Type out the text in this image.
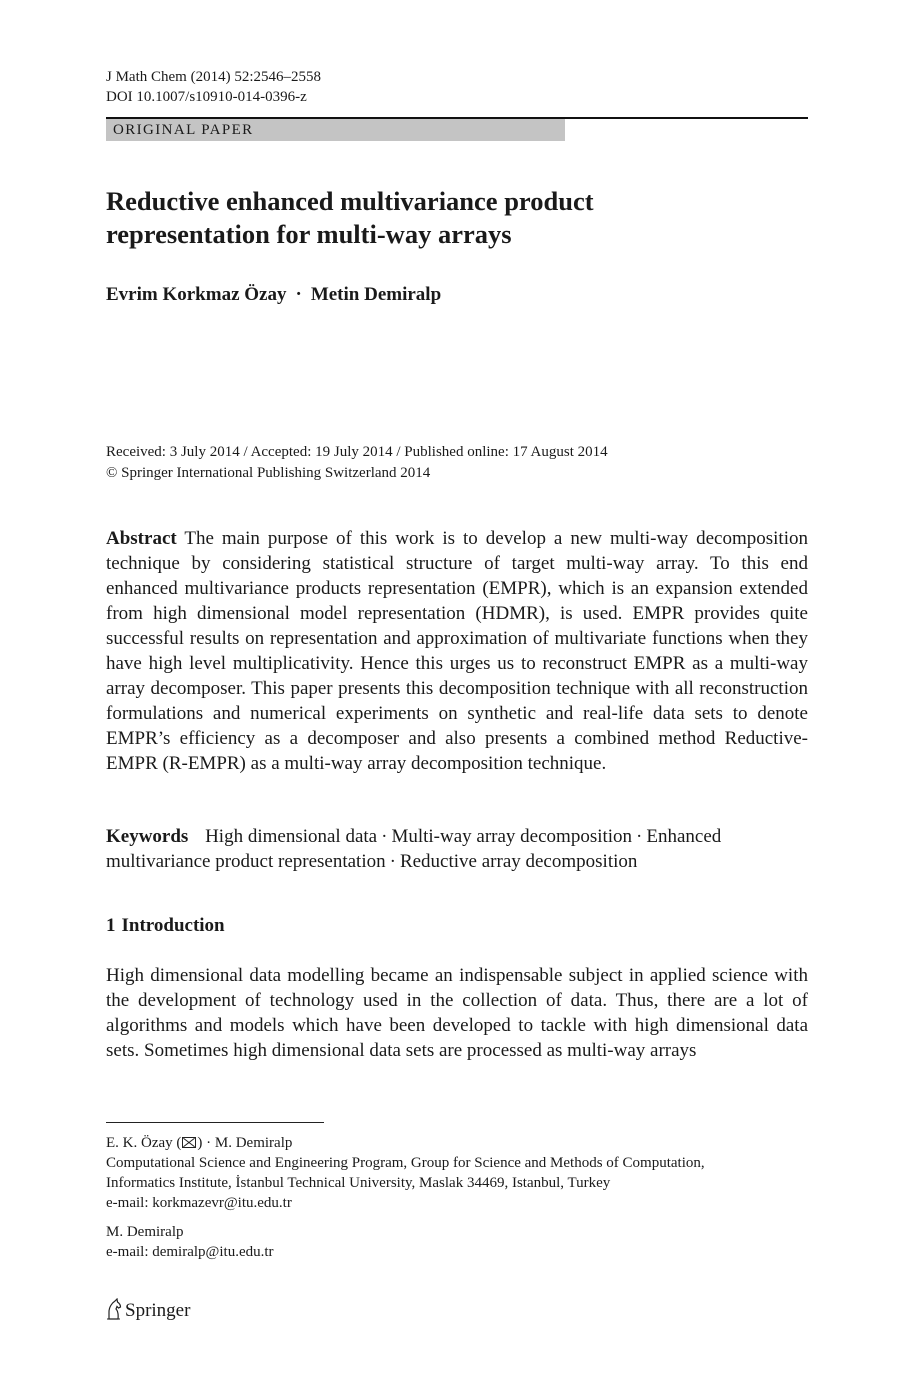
J Math Chem (2014) 52:2546–2558
DOI 10.1007/s10910-014-0396-z
ORIGINAL PAPER
Reductive enhanced multivariance product
representation for multi-way arrays
Evrim Korkmaz Özay · Metin Demiralp
Received: 3 July 2014 / Accepted: 19 July 2014 / Published online: 17 August 2014
© Springer International Publishing Switzerland 2014

Abstract The main purpose of this work is to develop a new multi-way decomposition technique by considering statistical structure of target multi-way array. To this end enhanced multivariance products representation (EMPR), which is an expansion extended from high dimensional model representation (HDMR), is used. EMPR provides quite successful results on representation and approximation of multivariate functions when they have high level multiplicativity. Hence this urges us to reconstruct EMPR as a multi-way array decomposer. This paper presents this decomposition technique with all reconstruction formulations and numerical experiments on synthetic and real-life data sets to denote EMPR’s efficiency as a decomposer and also presents a combined method Reductive-EMPR (R-EMPR) as a multi-way array decomposition technique.

Keywords High dimensional data · Multi-way array decomposition · Enhanced multivariance product representation · Reductive array decomposition

1 Introduction

High dimensional data modelling became an indispensable subject in applied science with the development of technology used in the collection of data. Thus, there are a lot of algorithms and models which have been developed to tackle with high dimensional data sets. Sometimes high dimensional data sets are processed as multi-way arrays

E. K. Özay ( ) · M. Demiralp
Computational Science and Engineering Program, Group for Science and Methods of Computation,
Informatics Institute, İstanbul Technical University, Maslak 34469, Istanbul, Turkey
e-mail: korkmazevr@itu.edu.tr
M. Demiralp
e-mail: demiralp@itu.edu.tr
Springer
